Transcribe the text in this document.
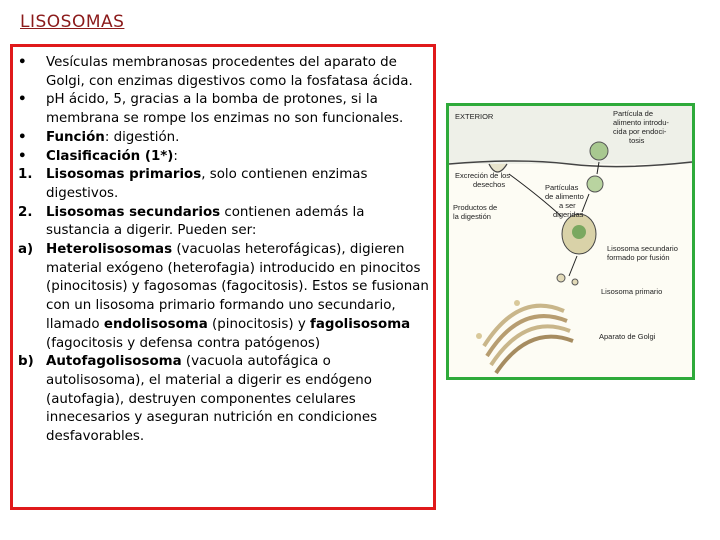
LISOSOMAS
•	Vesículas membranosas procedentes del aparato de Golgi, con enzimas digestivos como la fosfatasa ácida.
•	pH ácido, 5, gracias a la bomba de protones, si la membrana se rompe los enzimas no son funcionales.
•	Función: digestión.
•	Clasificación (1*):
1.	Lisosomas primarios, solo contienen enzimas digestivos.
2.	Lisosomas secundarios contienen además la sustancia a digerir. Pueden ser:
a) Heterolisosomas (vacuolas heterofágicas), digieren material exógeno (heterofagia) introducido en pinocitos (pinocitosis) y fagosomas (fagocitosis). Estos se fusionan con un lisosoma primario formando uno secundario, llamado endolisosoma (pinocitosis) y fagolisosoma (fagocitosis y defensa contra patógenos)
b) Autofagolisosoma (vacuola autofágica o autolisosoma), el material a digerir es endógeno (autofagia), destruyen componentes celulares innecesarios y aseguran nutrición en condiciones desfavorables.
EXTERIOR	Partícula de
alimento introdu-
cida por endoci-
tosis
Excreción de los
desechos
Productos de
la digestión
Partículas
de alimento
a ser
digeridas
Lisosoma secundario
formado por fusión
Lisosoma primario
Aparato de Golgi
